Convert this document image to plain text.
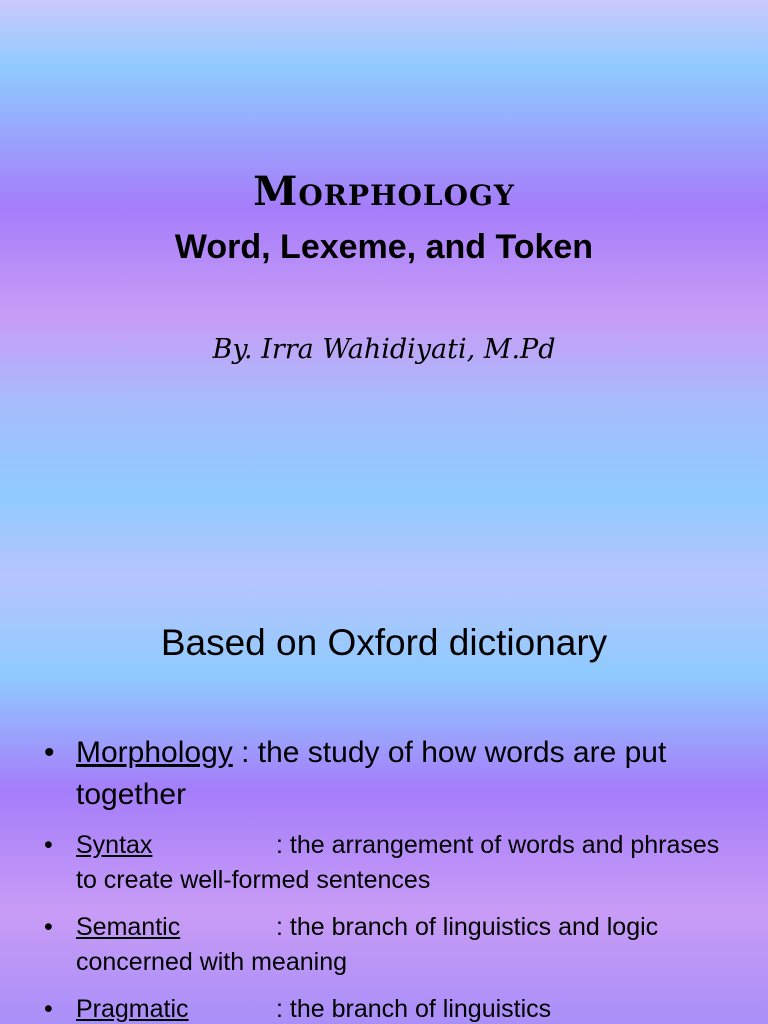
Morphology
Word, Lexeme, and Token
By. Irra Wahidiyati, M.Pd
Based on Oxford dictionary
• Morphology : the study of how words are put together
• Syntax	: the arrangement of words and phrases to create well-formed sentences
• Semantic	: the branch of linguistics and logic concerned with meaning
• Pragmatic	: the branch of linguistics
